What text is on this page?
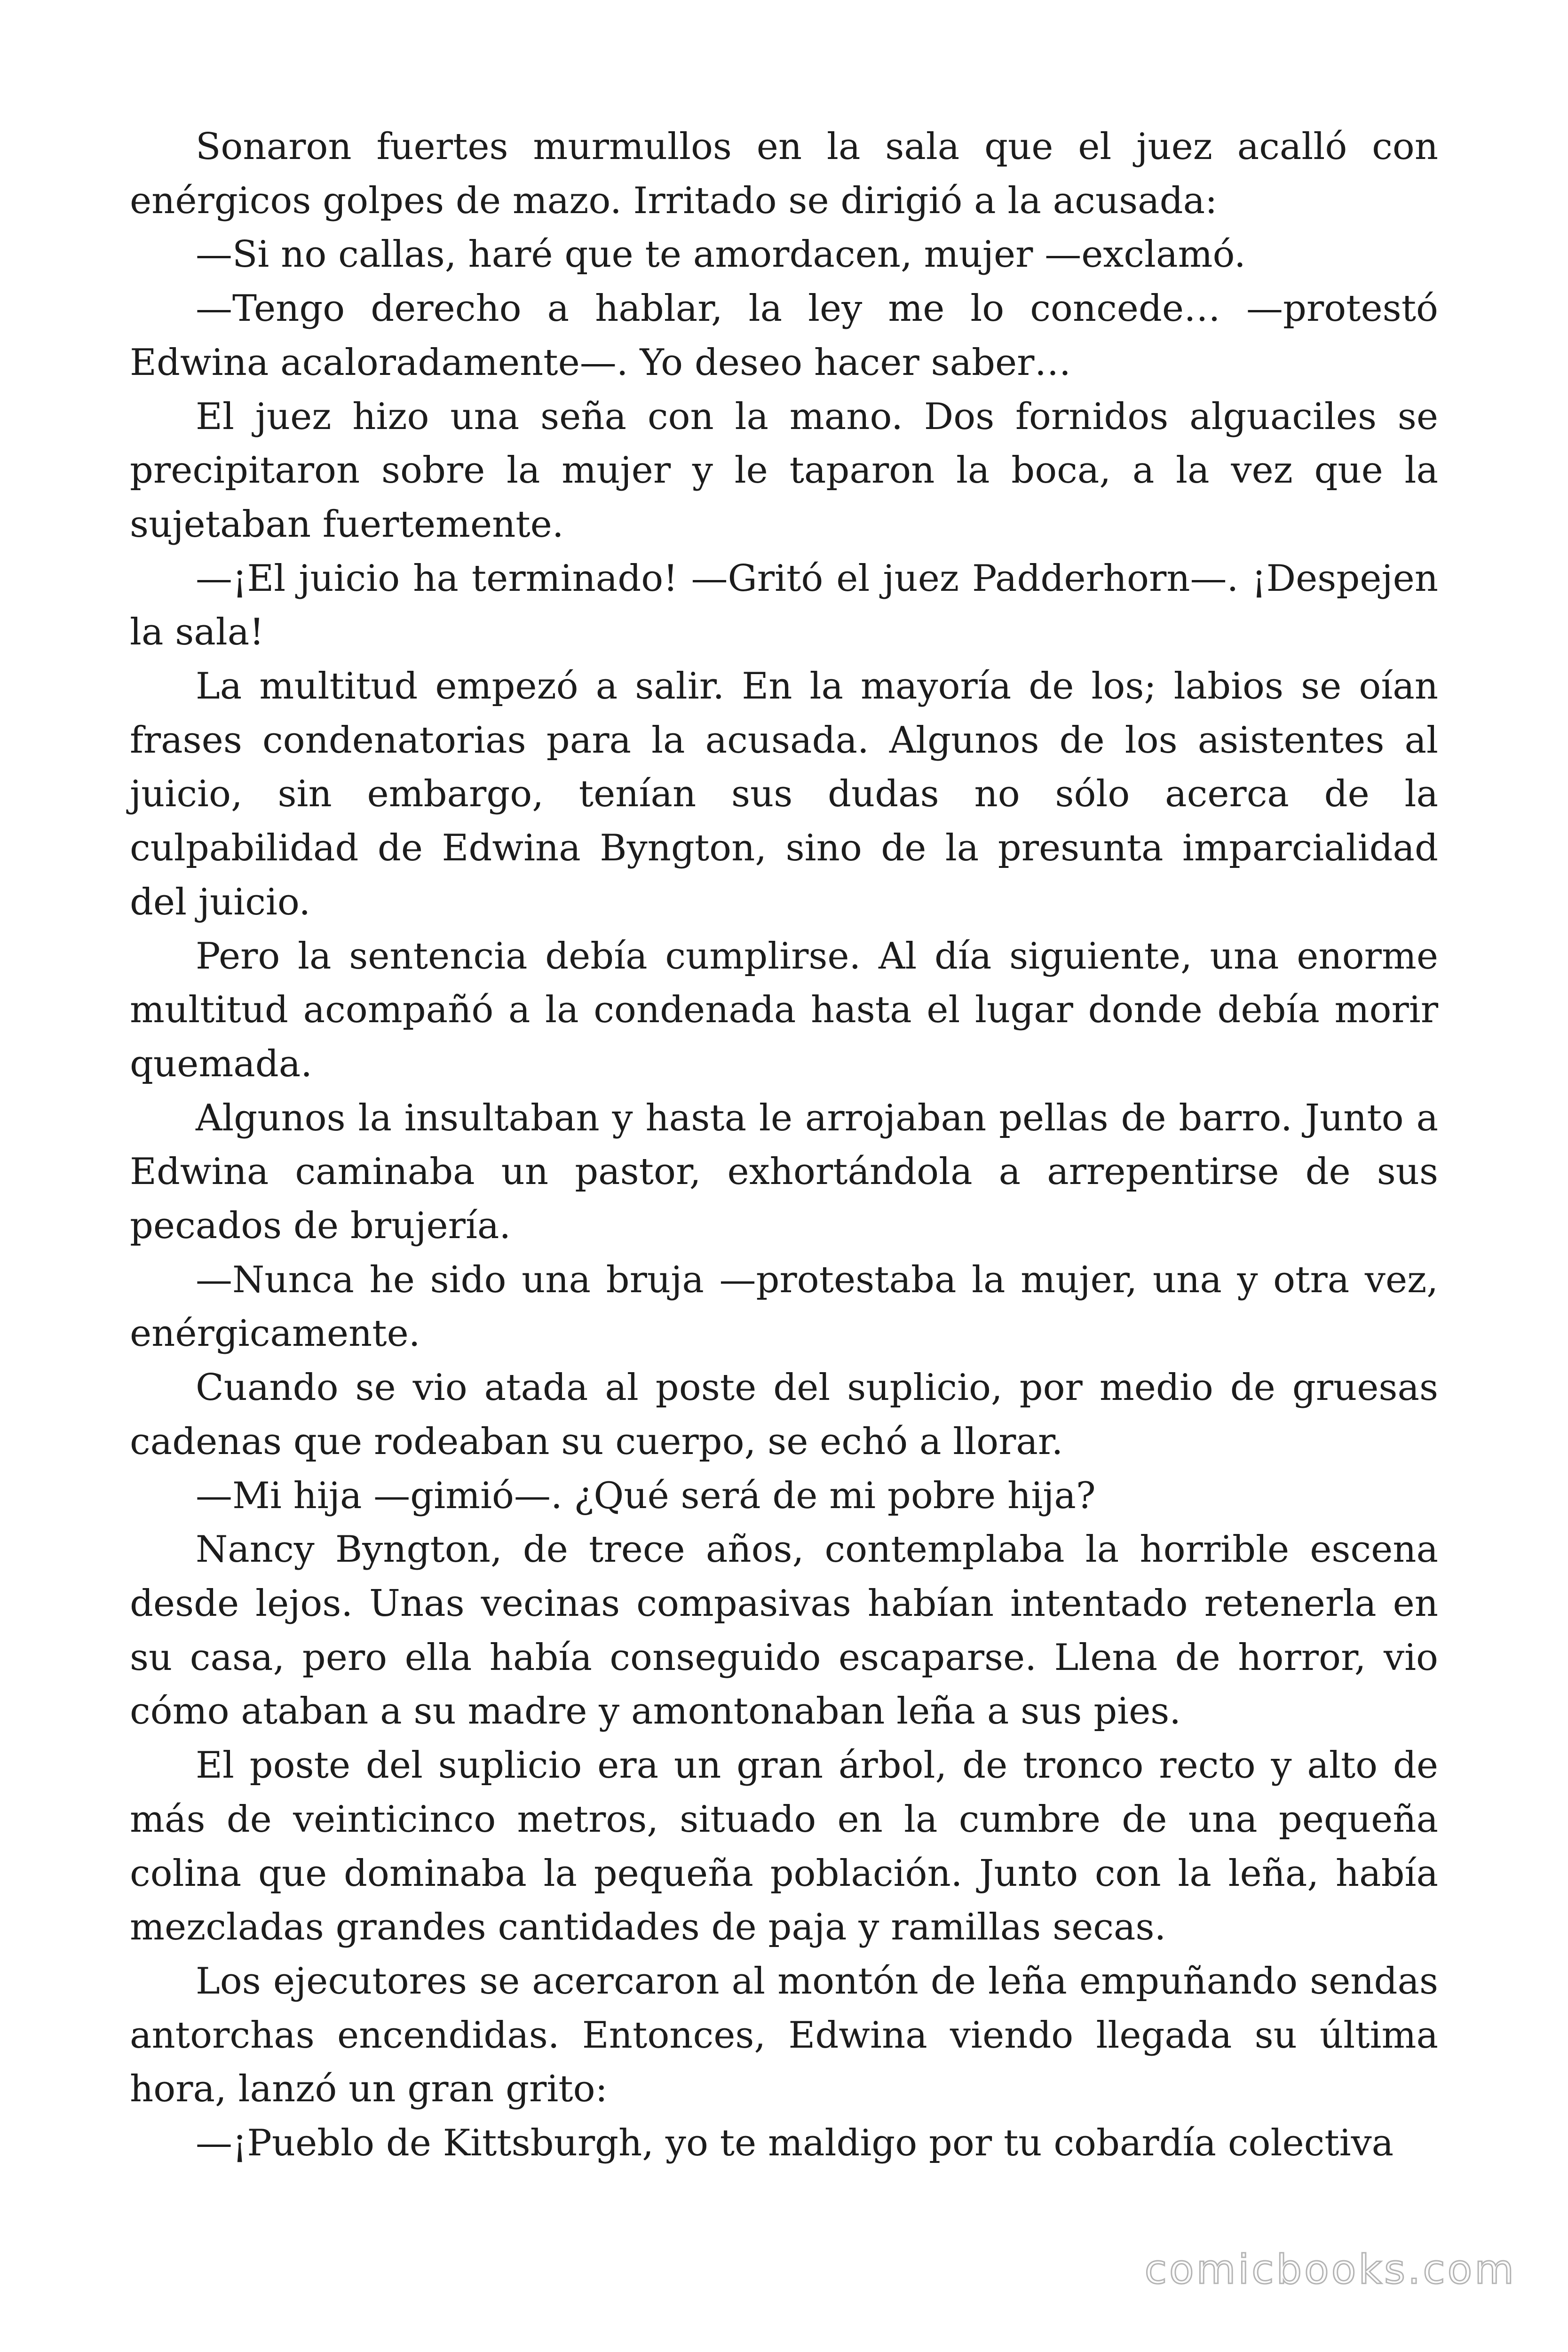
Sonaron fuertes murmullos en la sala que el juez acalló con enérgicos golpes de mazo. Irritado se dirigió a la acusada:

—Si no callas, haré que te amordacen, mujer —exclamó.

—Tengo derecho a hablar, la ley me lo concede… —protestó Edwina acaloradamente—. Yo deseo hacer saber…

El juez hizo una seña con la mano. Dos fornidos alguaciles se precipitaron sobre la mujer y le taparon la boca, a la vez que la sujetaban fuertemente.

—¡El juicio ha terminado! —Gritó el juez Padderhorn—. ¡Despejen la sala!

La multitud empezó a salir. En la mayoría de los; labios se oían frases condenatorias para la acusada. Algunos de los asistentes al juicio, sin embargo, tenían sus dudas no sólo acerca de la culpabilidad de Edwina Byngton, sino de la presunta imparcialidad del juicio.

Pero la sentencia debía cumplirse. Al día siguiente, una enorme multitud acompañó a la condenada hasta el lugar donde debía morir quemada.

Algunos la insultaban y hasta le arrojaban pellas de barro. Junto a Edwina caminaba un pastor, exhortándola a arrepentirse de sus pecados de brujería.

—Nunca he sido una bruja —protestaba la mujer, una y otra vez, enérgicamente.

Cuando se vio atada al poste del suplicio, por medio de gruesas cadenas que rodeaban su cuerpo, se echó a llorar.

—Mi hija —gimió—. ¿Qué será de mi pobre hija?

Nancy Byngton, de trece años, contemplaba la horrible escena desde lejos. Unas vecinas compasivas habían intentado retenerla en su casa, pero ella había conseguido escaparse. Llena de horror, vio cómo ataban a su madre y amontonaban leña a sus pies.

El poste del suplicio era un gran árbol, de tronco recto y alto de más de veinticinco metros, situado en la cumbre de una pequeña colina que dominaba la pequeña población. Junto con la leña, había mezcladas grandes cantidades de paja y ramillas secas.

Los ejecutores se acercaron al montón de leña empuñando sendas antorchas encendidas. Entonces, Edwina viendo llegada su última hora, lanzó un gran grito:

—¡Pueblo de Kittsburgh, yo te maldigo por tu cobardía colectiva

comicbooks.com
